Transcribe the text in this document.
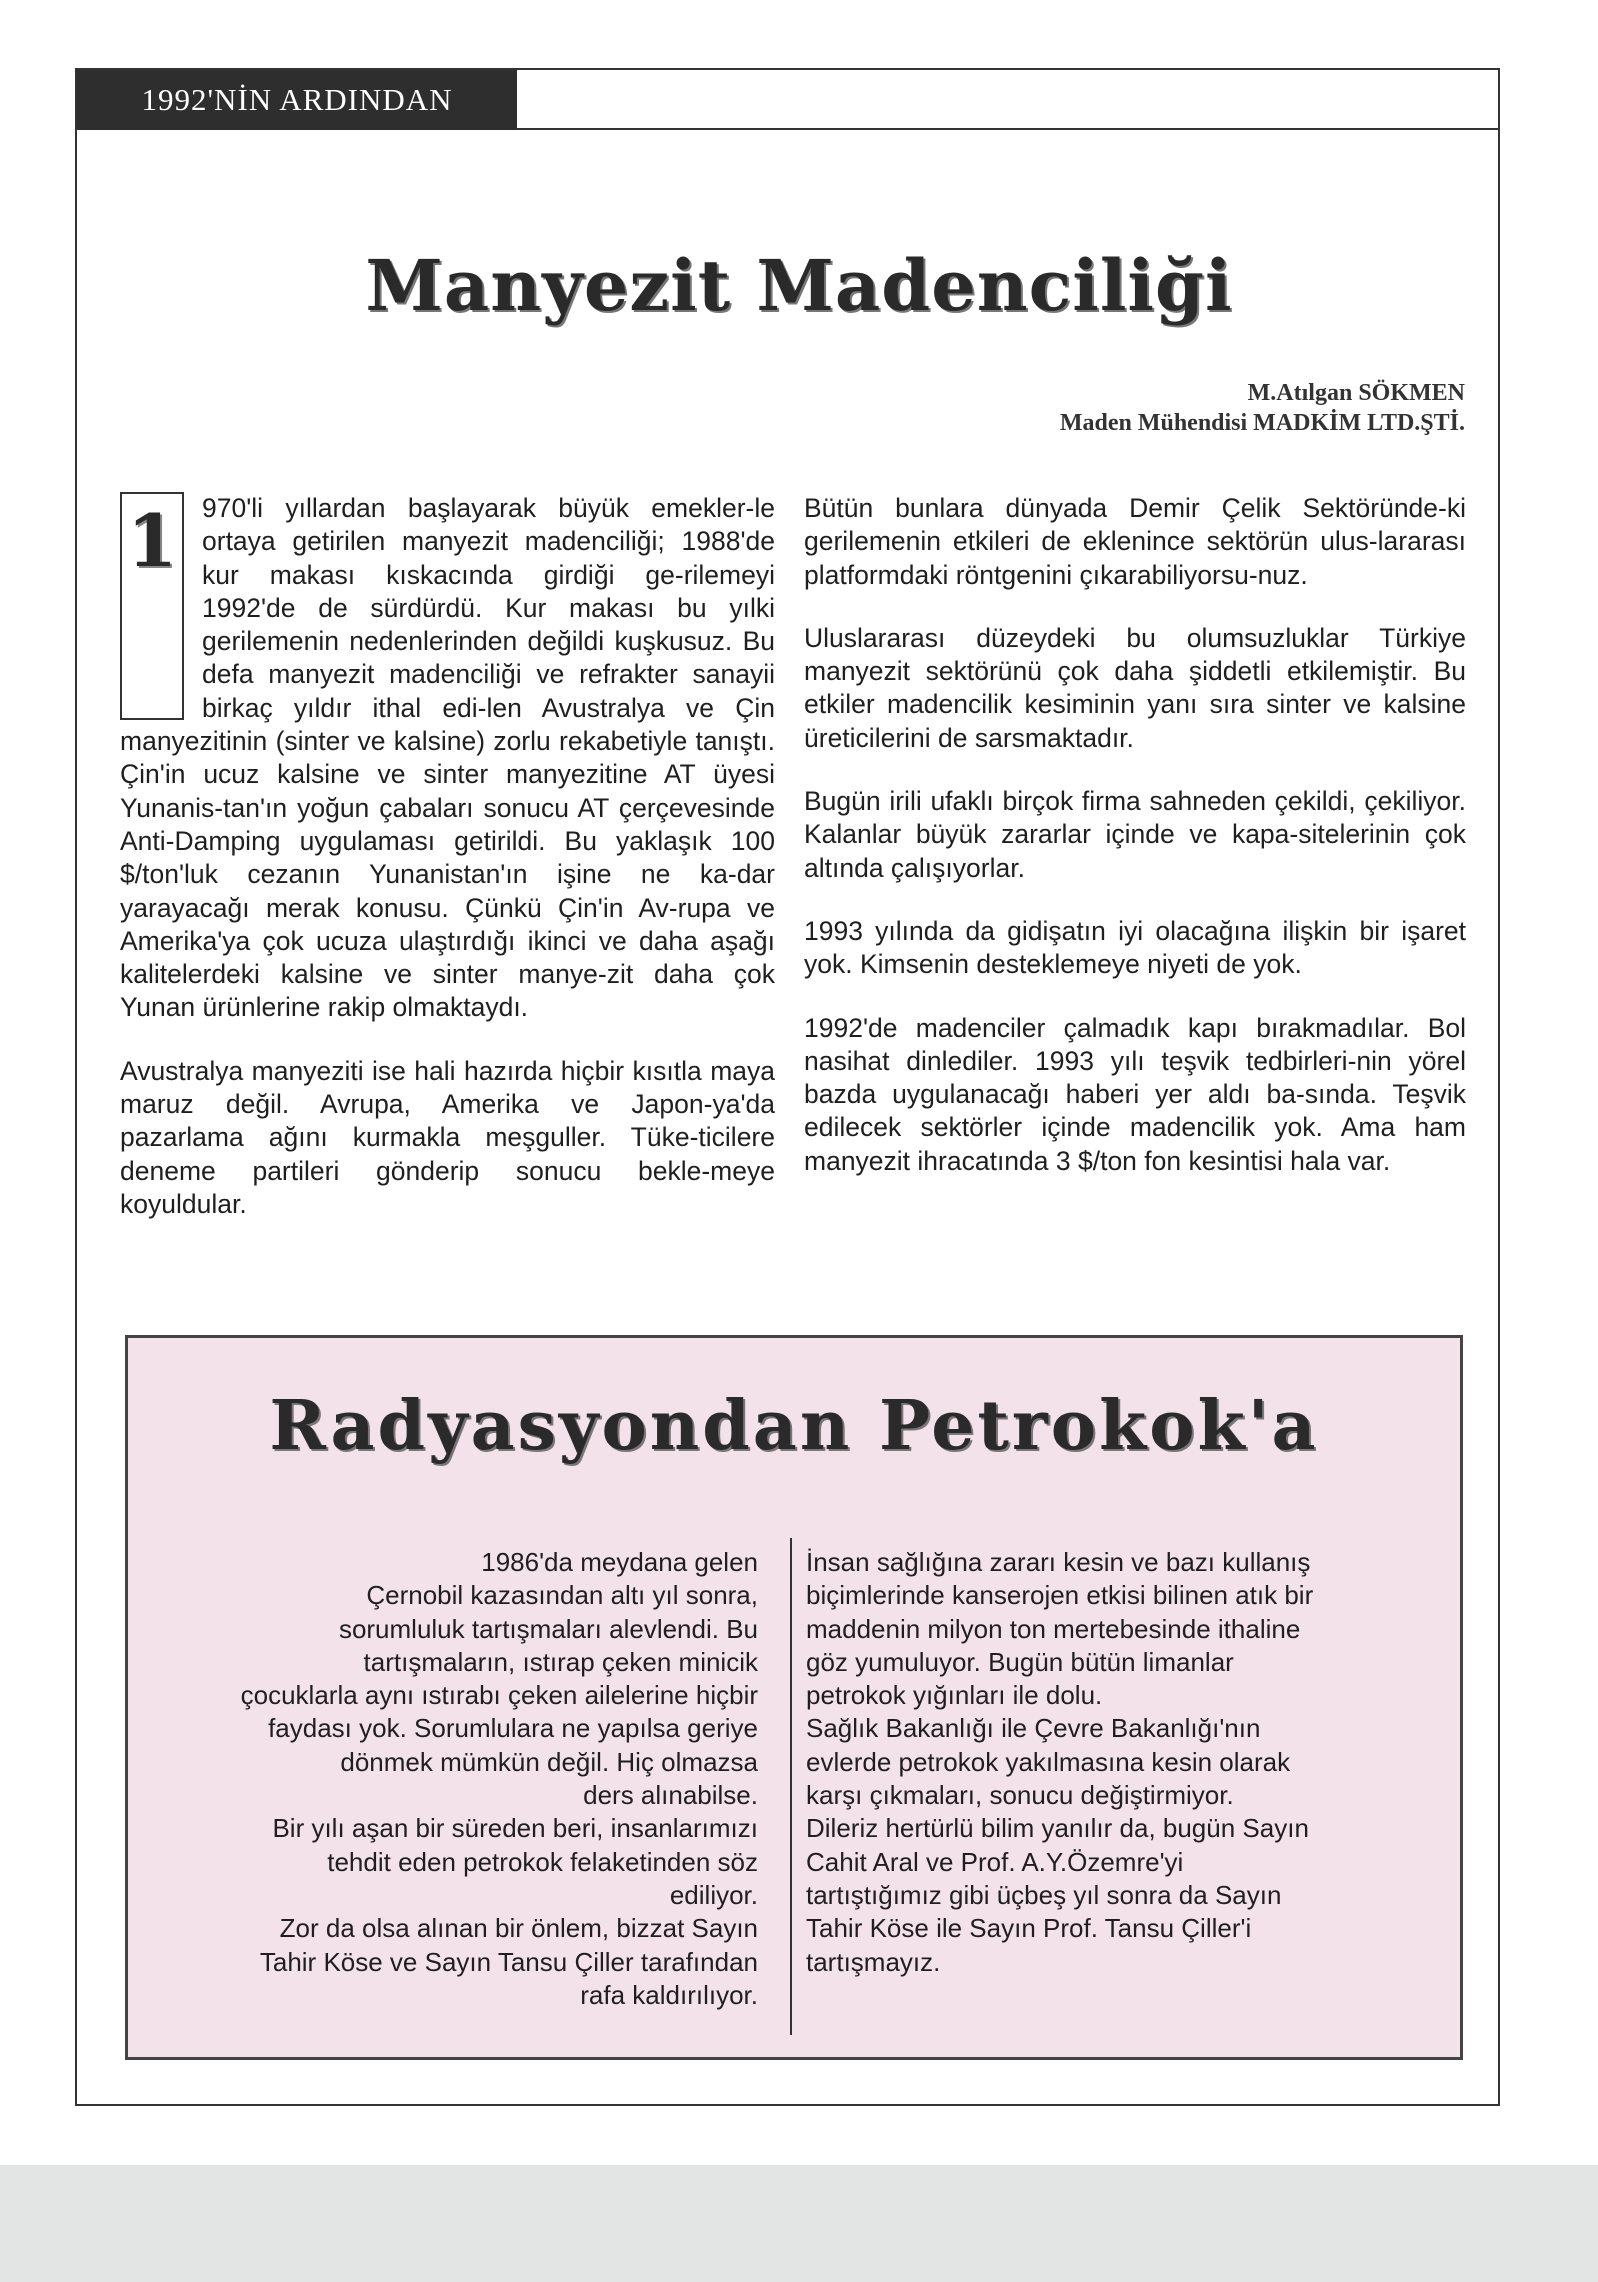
1992'NİN ARDINDAN
Manyezit Madenciliği
M.Atılgan SÖKMEN
Maden Mühendisi MADKİM LTD.ŞTİ.

1 970'li yıllardan başlayarak büyük emekler-le ortaya getirilen manyezit madenciliği; 1988'de kur makası kıskacında girdiği ge-rilemeyi 1992'de de sürdürdü. Kur makası bu yılki gerilemenin nedenlerinden değildi kuşkusuz. Bu defa manyezit madenciliği ve refrakter sanayii birkaç yıldır ithal edi-len Avustralya ve Çin manyezitinin (sinter ve kalsine) zorlu rekabetiyle tanıştı. Çin'in ucuz kalsine ve sinter manyezitine AT üyesi Yunanis-tan'ın yoğun çabaları sonucu AT çerçevesinde Anti-Damping uygulaması getirildi. Bu yaklaşık 100 $/ton'luk cezanın Yunanistan'ın işine ne ka-dar yarayacağı merak konusu. Çünkü Çin'in Av-rupa ve Amerika'ya çok ucuza ulaştırdığı ikinci ve daha aşağı kalitelerdeki kalsine ve sinter manye-zit daha çok Yunan ürünlerine rakip olmaktaydı.

Avustralya manyeziti ise hali hazırda hiçbir kısıtla maya maruz değil. Avrupa, Amerika ve Japon-ya'da pazarlama ağını kurmakla meşguller. Tüke-ticilere deneme partileri gönderip sonucu bekle-meye koyuldular.

Bütün bunlara dünyada Demir Çelik Sektöründe-ki gerilemenin etkileri de eklenince sektörün ulus-lararası platformdaki röntgenini çıkarabiliyorsu-nuz.

Uluslararası düzeydeki bu olumsuzluklar Türkiye manyezit sektörünü çok daha şiddetli etkilemiştir. Bu etkiler madencilik kesiminin yanı sıra sinter ve kalsine üreticilerini de sarsmaktadır.

Bugün irili ufaklı birçok firma sahneden çekildi, çekiliyor. Kalanlar büyük zararlar içinde ve kapa-sitelerinin çok altında çalışıyorlar.

1993 yılında da gidişatın iyi olacağına ilişkin bir işaret yok. Kimsenin desteklemeye niyeti de yok.

1992'de madenciler çalmadık kapı bırakmadılar. Bol nasihat dinlediler. 1993 yılı teşvik tedbirleri-nin yörel bazda uygulanacağı haberi yer aldı ba-sında. Teşvik edilecek sektörler içinde madencilik yok. Ama ham manyezit ihracatında 3 $/ton fon kesintisi hala var.

Radyasyondan Petrokok'a
1986'da meydana gelen
Çernobil kazasından altı yıl sonra,
sorumluluk tartışmaları alevlendi. Bu
tartışmaların, ıstırap çeken minicik
çocuklarla aynı ıstırabı çeken ailelerine hiçbir
faydası yok. Sorumlulara ne yapılsa geriye
dönmek mümkün değil. Hiç olmazsa
ders alınabilse.
Bir yılı aşan bir süreden beri, insanlarımızı
tehdit eden petrokok felaketinden söz
ediliyor.
Zor da olsa alınan bir önlem, bizzat Sayın
Tahir Köse ve Sayın Tansu Çiller tarafından
rafa kaldırılıyor.
İnsan sağlığına zararı kesin ve bazı kullanış
biçimlerinde kanserojen etkisi bilinen atık bir
maddenin milyon ton mertebesinde ithaline
göz yumuluyor. Bugün bütün limanlar
petrokok yığınları ile dolu.
Sağlık Bakanlığı ile Çevre Bakanlığı'nın
evlerde petrokok yakılmasına kesin olarak
karşı çıkmaları, sonucu değiştirmiyor.
Dileriz hertürlü bilim yanılır da, bugün Sayın
Cahit Aral ve Prof. A.Y.Özemre'yi
tartıştığımız gibi üçbeş yıl sonra da Sayın
Tahir Köse ile Sayın Prof. Tansu Çiller'i
tartışmayız.
